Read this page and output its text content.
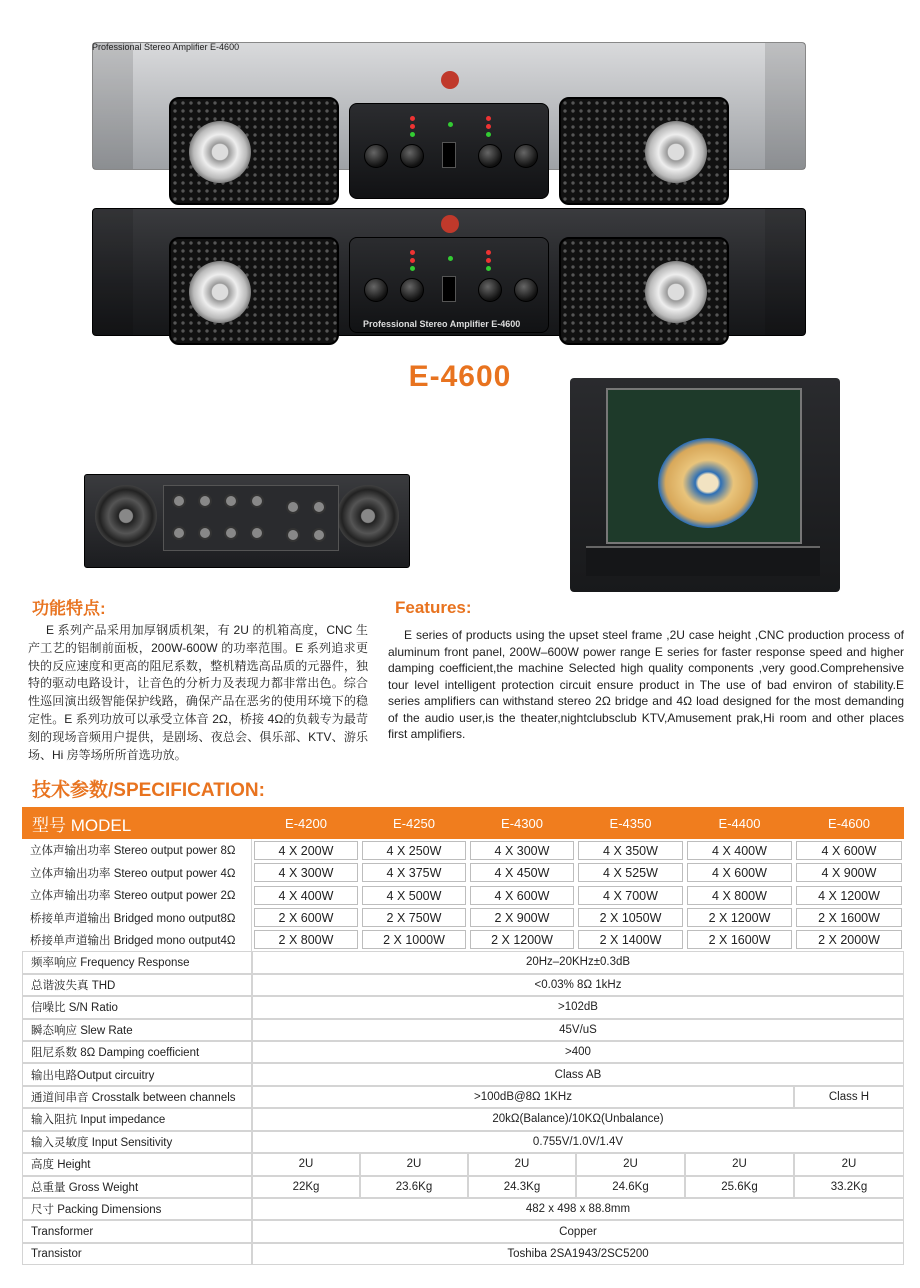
Professional Stereo Amplifier E-4600
Professional Stereo Amplifier E-4600
E-4600
功能特点:
E 系列产品采用加厚钢质机架，有 2U 的机箱高度，CNC 生产工艺的铝制前面板，200W-600W 的功率范围。E 系列追求更快的反应速度和更高的阻尼系数，整机精选高品质的元器件，独特的驱动电路设计，让音色的分析力及表现力都非常出色。综合性巡回演出级智能保护线路，确保产品在恶劣的使用环境下的稳定性。E 系列功放可以承受立体音 2Ω，桥接 4Ω的负载专为最苛刻的现场音频用户提供，是剧场、夜总会、俱乐部、KTV、游乐场、Hi 房等场所所首选功放。
Features:
E series of products using the upset steel frame ,2U case height ,CNC production process of aluminum front panel, 200W–600W power range E series for faster response speed and higher damping coefficient,the machine Selected high quality components ,very good.Comprehensive tour level intelligent protection circuit ensure product in The use of bad environ of stability.E series amplifiers can withstand stereo 2Ω bridge and 4Ω load designed for the most demanding of the audio user,is the theater,nightclubsclub KTV,Amusement prak,Hi room and other places first amplifiers.
技术参数/SPECIFICATION:
型号 MODEL	E-4200	E-4250	E-4300	E-4350	E-4400	E-4600
立体声输出功率 Stereo output power 8Ω	4 X 200W	4 X 250W	4 X 300W	4 X 350W	4 X 400W	4 X 600W

立体声输出功率 Stereo output power 4Ω	4 X 300W	4 X 375W	4 X 450W	4 X 525W	4 X 600W	4 X 900W

立体声输出功率 Stereo output power 2Ω	4 X 400W	4 X 500W	4 X 600W	4 X 700W	4 X 800W	4 X 1200W

桥接单声道输出 Bridged mono output8Ω	2 X 600W	2 X 750W	2 X 900W	2 X 1050W	2 X 1200W	2 X 1600W

桥接单声道输出 Bridged mono output4Ω	2 X 800W	2 X 1000W	2 X 1200W	2 X 1400W	2 X 1600W	2 X 2000W

频率响应 Frequency Response	20Hz–20KHz±0.3dB					
总谐波失真 THD	<0.03% 8Ω 1kHz					
信噪比 S/N Ratio	>102dB					
瞬态响应 Slew Rate	45V/uS					
阻尼系数 8Ω Damping coefficient	>400					
输出电路Output circuitry	Class AB					
通道间串音 Crosstalk between channels	>100dB@8Ω 1KHz					Class H
输入阻抗 Input impedance	20kΩ(Balance)/10KΩ(Unbalance)					
输入灵敏度 Input Sensitivity	0.755V/1.0V/1.4V					
高度 Height	2U	2U	2U	2U	2U	2U
总重量 Gross Weight	22Kg	23.6Kg	24.3Kg	24.6Kg	25.6Kg	33.2Kg
尺寸 Packing Dimensions	482 x 498 x 88.8mm					
Transformer	Copper					
Transistor	Toshiba 2SA1943/2SC5200					
